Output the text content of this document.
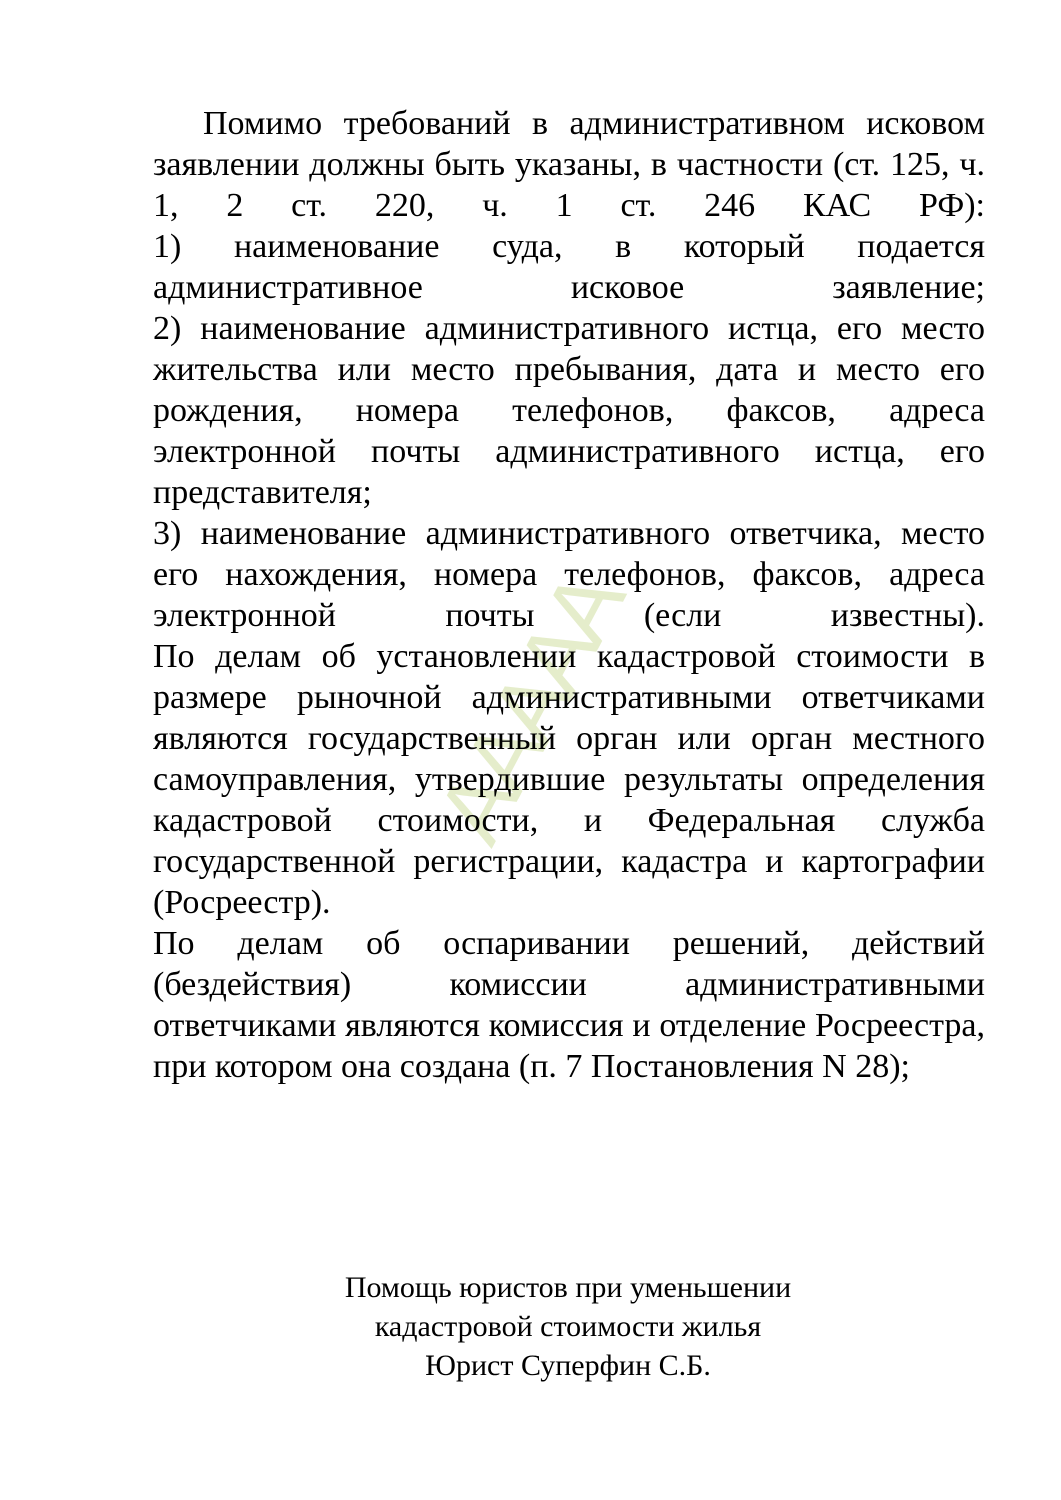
AAAAA

Помимо требований в административном исковом заявлении должны быть указаны, в частности (ст. 125, ч. 1, 2 ст. 220, ч. 1 ст. 246 КАС РФ):

1) наименование суда, в который подается административное исковое заявление;

2) наименование административного истца, его место жительства или место пребывания, дата и место его рождения, номера телефонов, факсов, адреса электронной почты административного истца, его представителя;

3) наименование административного ответчика, место его нахождения, номера телефонов, факсов, адреса электронной почты (если известны).

По делам об установлении кадастровой стоимости в размере рыночной административными ответчиками являются государственный орган или орган местного самоуправления, утвердившие результаты определения кадастровой стоимости, и Федеральная служба государственной регистрации, кадастра и картографии (Росреестр).

По делам об оспаривании решений, действий (бездействия) комиссии административными ответчиками являются комиссия и отделение Росреестра, при котором она создана (п. 7 Постановления N 28);

Помощь юристов при уменьшении
кадастровой стоимости жилья
Юрист Суперфин С.Б.
